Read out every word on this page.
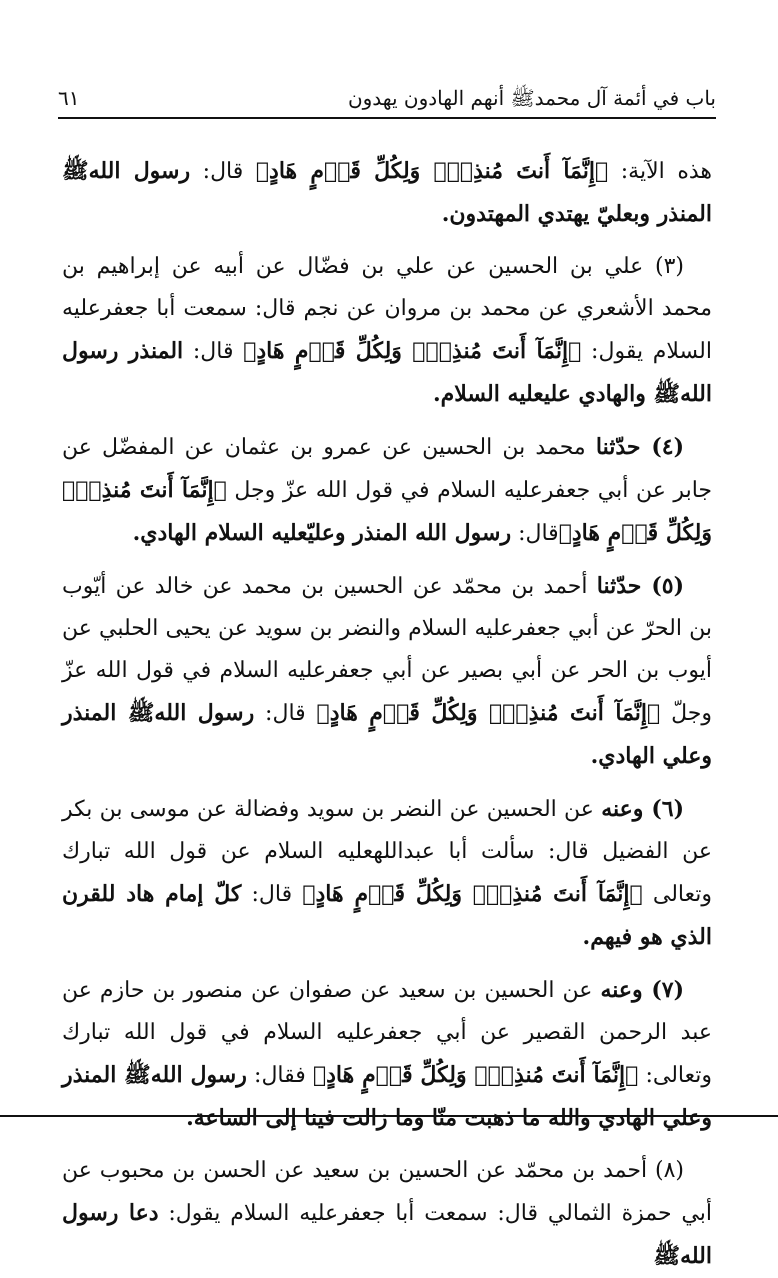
باب في أئمة آل محمدﷺ أنهم الهادون يهدون
٦١

هذه الآية: ﴿إِنَّمَآ أَنتَ مُنذِرٌۖ وَلِكُلِّ قَوۡمٍ هَادٍ﴾ قال: رسول اللهﷺ المنذر وبعليّ يهتدي المهتدون.

(٣) علي بن الحسين عن علي بن فضّال عن أبيه عن إبراهيم بن محمد الأشعري عن محمد بن مروان عن نجم قال: سمعت أبا جعفرعليه السلام يقول: ﴿إِنَّمَآ أَنتَ مُنذِرٌۖ وَلِكُلِّ قَوۡمٍ هَادٍ﴾ قال: المنذر رسول اللهﷺ والهادي عليعليه السلام.

(٤) حدّثنا محمد بن الحسين عن عمرو بن عثمان عن المفضّل عن جابر عن أبي جعفرعليه السلام في قول الله عزّ وجل ﴿إِنَّمَآ أَنتَ مُنذِرٌۖ وَلِكُلِّ قَوۡمٍ هَادٍ﴾قال: رسول الله المنذر وعليّعليه السلام الهادي.

(٥) حدّثنا أحمد بن محمّد عن الحسين بن محمد عن خالد عن أيّوب بن الحرّ عن أبي جعفرعليه السلام والنضر بن سويد عن يحيى الحلبي عن أيوب بن الحر عن أبي بصير عن أبي جعفرعليه السلام في قول الله عزّ وجلّ ﴿إِنَّمَآ أَنتَ مُنذِرٌۖ وَلِكُلِّ قَوۡمٍ هَادٍ﴾ قال: رسول اللهﷺ المنذر وعلي الهادي.

(٦) وعنه عن الحسين عن النضر بن سويد وفضالة عن موسى بن بكر عن الفضيل قال: سألت أبا عبداللهعليه السلام عن قول الله تبارك وتعالى ﴿إِنَّمَآ أَنتَ مُنذِرٌۖ وَلِكُلِّ قَوۡمٍ هَادٍ﴾ قال: كلّ إمام هاد للقرن الذي هو فيهم.

(٧) وعنه عن الحسين بن سعيد عن صفوان عن منصور بن حازم عن عبد الرحمن القصير عن أبي جعفرعليه السلام في قول الله تبارك وتعالى: ﴿إِنَّمَآ أَنتَ مُنذِرٌۖ وَلِكُلِّ قَوۡمٍ هَادٍ﴾ فقال: رسول اللهﷺ المنذر وعلي الهادي والله ما ذهبت منّا وما زالت فينا إلى الساعة.

(٨) أحمد بن محمّد عن الحسين بن سعيد عن الحسن بن محبوب عن أبي حمزة الثمالي قال: سمعت أبا جعفرعليه السلام يقول: دعا رسول اللهﷺ
